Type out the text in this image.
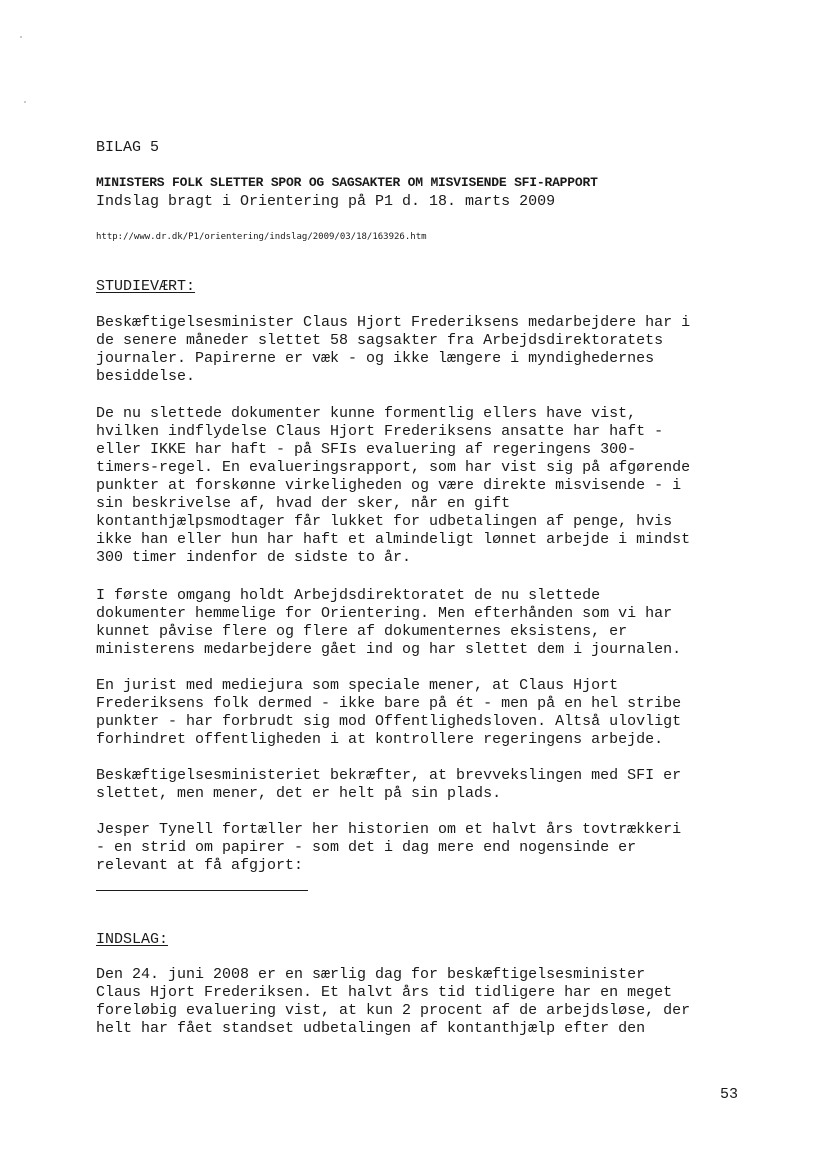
BILAG 5

MINISTERS FOLK SLETTER SPOR OG SAGSAKTER OM MISVISENDE SFI-RAPPORT

Indslag bragt i Orientering på P1 d. 18. marts 2009

http://www.dr.dk/P1/orientering/indslag/2009/03/18/163926.htm

STUDIEVÆRT:

Beskæftigelsesminister Claus Hjort Frederiksens medarbejdere har i
de senere måneder slettet 58 sagsakter fra Arbejdsdirektoratets
journaler. Papirerne er væk - og ikke længere i myndighedernes
besiddelse.

De nu slettede dokumenter kunne formentlig ellers have vist,
hvilken indflydelse Claus Hjort Frederiksens ansatte har haft -
eller IKKE har haft - på SFIs evaluering af regeringens 300-
timers-regel. En evalueringsrapport, som har vist sig på afgørende
punkter at forskønne virkeligheden og være direkte misvisende - i
sin beskrivelse af, hvad der sker, når en gift
kontanthjælpsmodtager får lukket for udbetalingen af penge, hvis
ikke han eller hun har haft et almindeligt lønnet arbejde i mindst
300 timer indenfor de sidste to år.

I første omgang holdt Arbejdsdirektoratet de nu slettede
dokumenter hemmelige for Orientering. Men efterhånden som vi har
kunnet påvise flere og flere af dokumenternes eksistens, er
ministerens medarbejdere gået ind og har slettet dem i journalen.

En jurist med mediejura som speciale mener, at Claus Hjort
Frederiksens folk dermed - ikke bare på ét - men på en hel stribe
punkter - har forbrudt sig mod Offentlighedsloven. Altså ulovligt
forhindret offentligheden i at kontrollere regeringens arbejde.

Beskæftigelsesministeriet bekræfter, at brevvekslingen med SFI er
slettet, men mener, det er helt på sin plads.

Jesper Tynell fortæller her historien om et halvt års tovtrækkeri
- en strid om papirer - som det i dag mere end nogensinde er
relevant at få afgjort:

INDSLAG:

Den 24. juni 2008 er en særlig dag for beskæftigelsesminister
Claus Hjort Frederiksen. Et halvt års tid tidligere har en meget
foreløbig evaluering vist, at kun 2 procent af de arbejdsløse, der
helt har fået standset udbetalingen af kontanthjælp efter den

53
